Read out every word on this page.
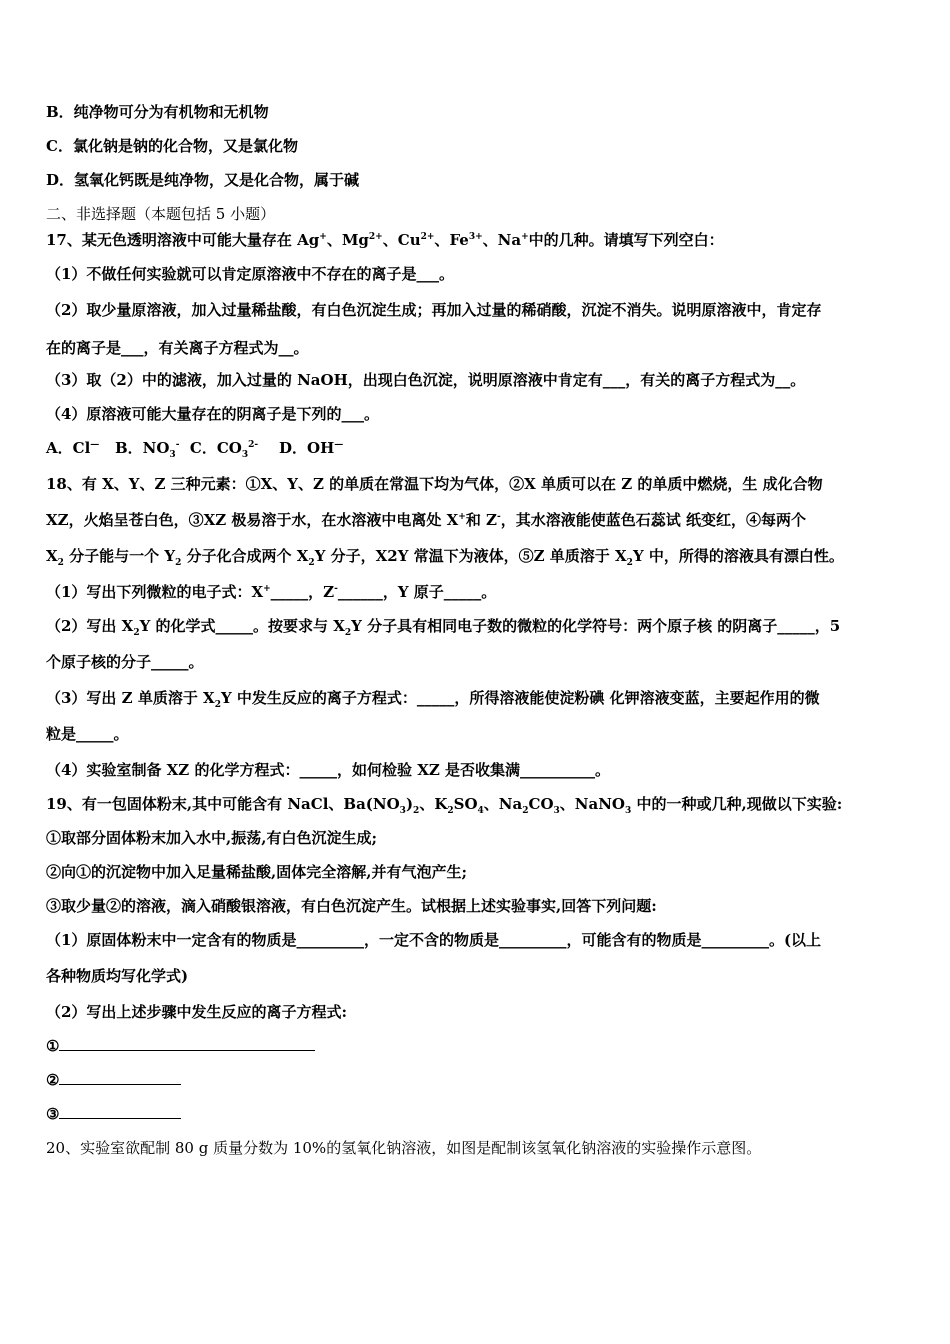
B．纯净物可分为有机物和无机物
C．氯化钠是钠的化合物，又是氯化物
D．氢氧化钙既是纯净物，又是化合物，属于碱
二、非选择题（本题包括 5 小题）
17、某无色透明溶液中可能大量存在 Ag+、$Mg^{2+}$、$Cu^{2+}$、$Fe^{3+}$、Na+中的几种。请填写下列空白：
（1）不做任何实验就可以肯定原溶液中不存在的离子是___。
（2）取少量原溶液，加入过量稀盐酸，有白色沉淀生成；再加入过量的稀硝酸，沉淀不消失。说明原溶液中，肯定存
在的离子是___，有关离子方程式为__。
（3）取（2）中的滤液，加入过量的 NaOH，出现白色沉淀，说明原溶液中肯定有___，有关的离子方程式为__。
（4）原溶液可能大量存在的阴离子是下列的___。
A．Cl— B．$NO_3^-$ C．$CO_3^{2-}$ D．OH—
18、有 X、Y、Z 三种元素：①X、Y、Z 的单质在常温下均为气体，②X 单质可以在 Z 的单质中燃烧，生 成化合物
XZ，火焰呈苍白色，③XZ 极易溶于水，在水溶液中电离处 X+和 Z-，其水溶液能使蓝色石蕊试 纸变红，④每两个
$X_2$ 分子能与一个 $Y_2$ 分子化合成两个 $X_2Y$ 分子，X2Y 常温下为液体，⑤Z 单质溶于 $X_2Y$ 中，所得的溶液具有漂白性。
（1）写出下列微粒的电子式：X+_____，Z-______，Y 原子_____。
（2）写出 $X_2Y$ 的化学式_____。按要求与 $X_2Y$ 分子具有相同电子数的微粒的化学符号：两个原子核 的阴离子_____，5
个原子核的分子_____。
（3）写出 Z 单质溶于 $X_2Y$ 中发生反应的离子方程式：_____，所得溶液能使淀粉碘 化钾溶液变蓝，主要起作用的微
粒是_____。
（4）实验室制备 XZ 的化学方程式：_____，如何检验 XZ 是否收集满__________。
19、有一包固体粉末,其中可能含有 NaCl、$Ba(NO_3)_2$、$K_2SO_4$、$Na_2CO_3$、NaNO$_3$ 中的一种或几种,现做以下实验:
①取部分固体粉末加入水中,振荡,有白色沉淀生成;
②向①的沉淀物中加入足量稀盐酸,固体完全溶解,并有气泡产生;
③取少量②的溶液，滴入硝酸银溶液，有白色沉淀产生。试根据上述实验事实,回答下列问题:
（1）原固体粉末中一定含有的物质是_________，一定不含的物质是_________，可能含有的物质是_________。(以上
各种物质均写化学式)
（2）写出上述步骤中发生反应的离子方程式:
①
②
③
20、实验室欲配制 80 g 质量分数为 10%的氢氧化钠溶液，如图是配制该氢氧化钠溶液的实验操作示意图。
